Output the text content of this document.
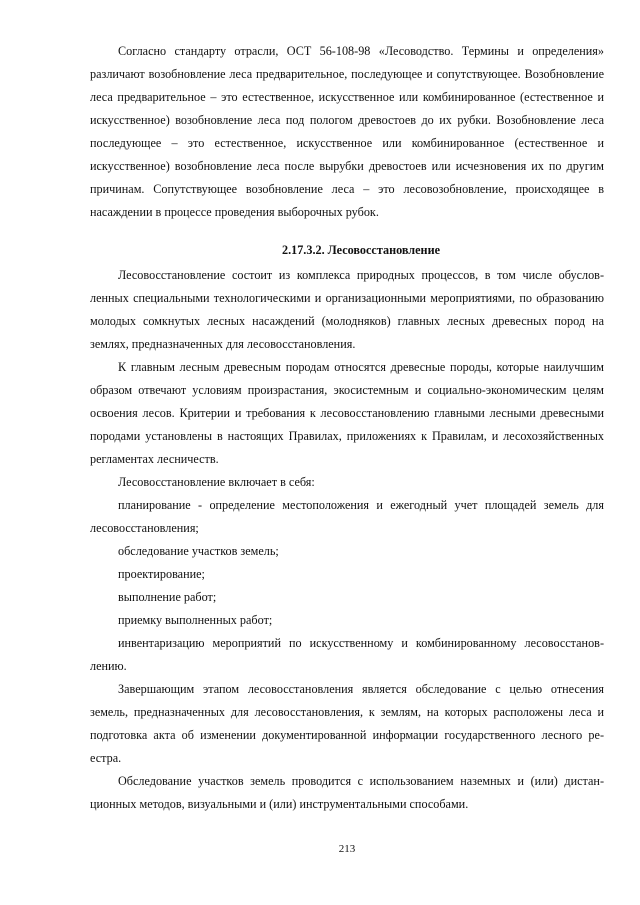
Согласно стандарту отрасли, ОСТ 56-108-98 «Лесоводство. Термины и определения» различают возобновление леса предварительное, последующее и сопутствующее. Возобновление леса предварительное – это естественное, искусственное или комбинированное (естественное и искусственное) возобновление леса под пологом древостоев до их рубки. Возобновление леса последующее – это естественное, искусственное или комбинированное (естественное и искусственное) возобновление леса после вырубки древостоев или исчезновения их по другим причинам. Сопутствующее возобновление леса – это лесовозобновление, происходящее в насаждении в процессе проведения выборочных рубок.

2.17.3.2. Лесовосстановление

Лесовосстановление состоит из комплекса природных процессов, в том числе обусловленных специальными технологическими и организационными мероприятиями, по образованию молодых сомкнутых лесных насаждений (молодняков) главных лесных древесных пород на землях, предназначенных для лесовосстановления.

К главным лесным древесным породам относятся древесные породы, которые наилучшим образом отвечают условиям произрастания, экосистемным и социально-экономическим целям освоения лесов. Критерии и требования к лесовосстановлению главными лесными древесными породами установлены в настоящих Правилах, приложениях к Правилам, и лесохозяйственных регламентах лесничеств.

Лесовосстановление включает в себя:

планирование - определение местоположения и ежегодный учет площадей земель для лесовосстановления;

обследование участков земель;

проектирование;

выполнение работ;

приемку выполненных работ;

инвентаризацию мероприятий по искусственному и комбинированному лесовосстановлению.

Завершающим этапом лесовосстановления является обследование с целью отнесения земель, предназначенных для лесовосстановления, к землям, на которых расположены леса и подготовка акта об изменении документированной информации государственного лесного реестра.

Обследование участков земель проводится с использованием наземных и (или) дистанционных методов, визуальными и (или) инструментальными способами.

213
